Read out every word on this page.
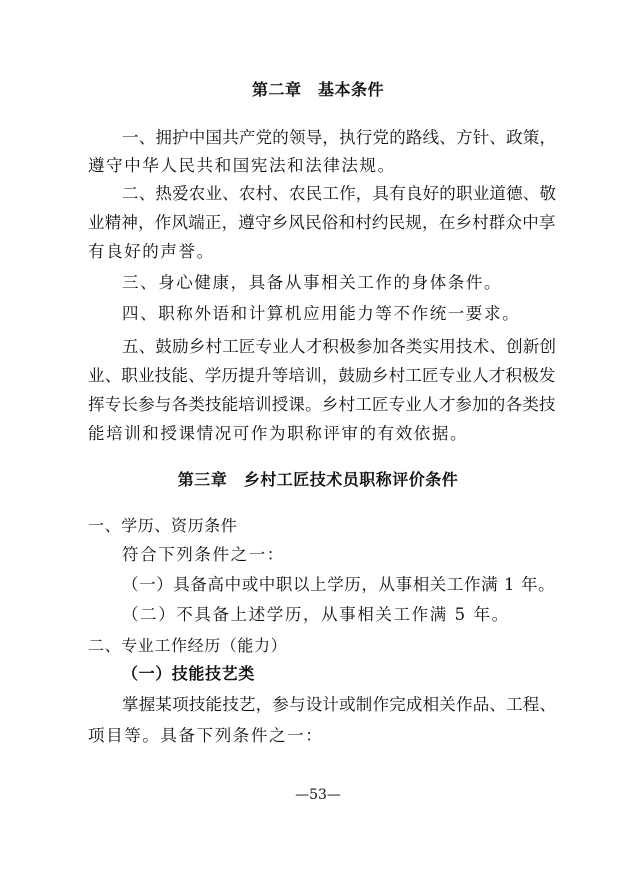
第二章　基本条件
一、拥护中国共产党的领导，执行党的路线、方针、政策，
遵守中华人民共和国宪法和法律法规。
二、热爱农业、农村、农民工作，具有良好的职业道德、敬
业精神，作风端正，遵守乡风民俗和村约民规，在乡村群众中享
有良好的声誉。
三、身心健康，具备从事相关工作的身体条件。
四、职称外语和计算机应用能力等不作统一要求。
五、鼓励乡村工匠专业人才积极参加各类实用技术、创新创
业、职业技能、学历提升等培训，鼓励乡村工匠专业人才积极发
挥专长参与各类技能培训授课。乡村工匠专业人才参加的各类技
能培训和授课情况可作为职称评审的有效依据。
第三章　乡村工匠技术员职称评价条件
一、学历、资历条件
符合下列条件之一：
（一）具备高中或中职以上学历，从事相关工作满 1 年。
（二）不具备上述学历，从事相关工作满 5 年。
二、专业工作经历（能力）
（一）技能技艺类
掌握某项技能技艺，参与设计或制作完成相关作品、工程、
项目等。具备下列条件之一：
—53—
